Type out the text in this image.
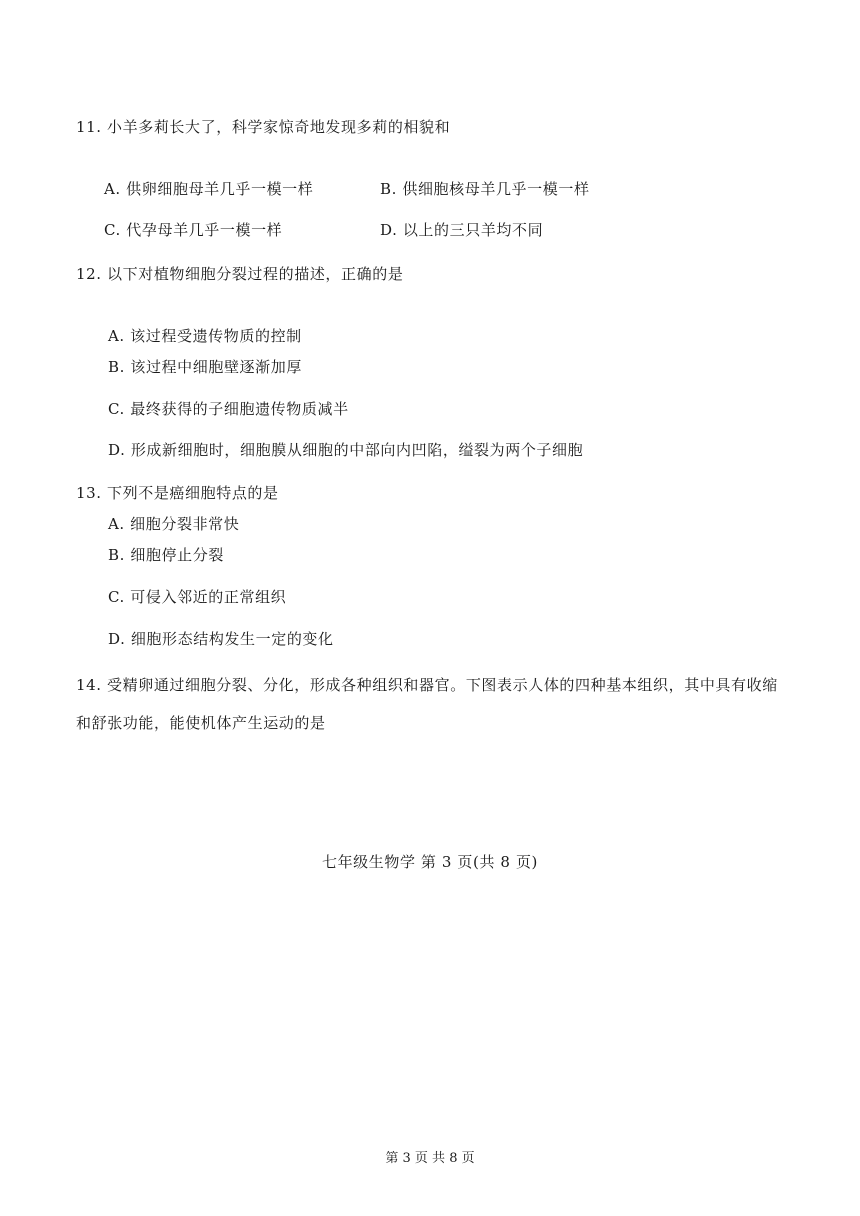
11. 小羊多莉长大了，科学家惊奇地发现多莉的相貌和
A. 供卵细胞母羊几乎一模一样	B. 供细胞核母羊几乎一模一样
C. 代孕母羊几乎一模一样	D. 以上的三只羊均不同
12. 以下对植物细胞分裂过程的描述，正确的是
A. 该过程受遗传物质的控制
B. 该过程中细胞壁逐渐加厚
C. 最终获得的子细胞遗传物质减半
D. 形成新细胞时，细胞膜从细胞的中部向内凹陷，缢裂为两个子细胞
13. 下列不是癌细胞特点的是
A. 细胞分裂非常快
B. 细胞停止分裂
C. 可侵入邻近的正常组织
D. 细胞形态结构发生一定的变化
14. 受精卵通过细胞分裂、分化，形成各种组织和器官。下图表示人体的四种基本组织，其中具有收缩和舒张功能，能使机体产生运动的是
七年级生物学 第 3 页(共 8 页)
第 3 页 共 8 页
